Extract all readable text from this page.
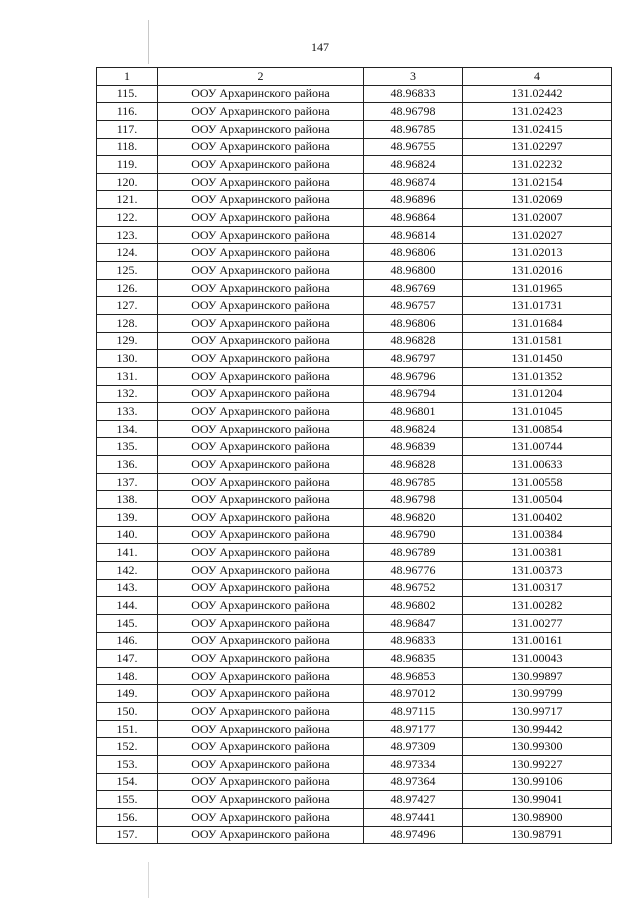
147
1	2	3	4
115.	ООУ Архаринского района	48.96833	131.02442
116.	ООУ Архаринского района	48.96798	131.02423
117.	ООУ Архаринского района	48.96785	131.02415
118.	ООУ Архаринского района	48.96755	131.02297
119.	ООУ Архаринского района	48.96824	131.02232
120.	ООУ Архаринского района	48.96874	131.02154
121.	ООУ Архаринского района	48.96896	131.02069
122.	ООУ Архаринского района	48.96864	131.02007
123.	ООУ Архаринского района	48.96814	131.02027
124.	ООУ Архаринского района	48.96806	131.02013
125.	ООУ Архаринского района	48.96800	131.02016
126.	ООУ Архаринского района	48.96769	131.01965
127.	ООУ Архаринского района	48.96757	131.01731
128.	ООУ Архаринского района	48.96806	131.01684
129.	ООУ Архаринского района	48.96828	131.01581
130.	ООУ Архаринского района	48.96797	131.01450
131.	ООУ Архаринского района	48.96796	131.01352
132.	ООУ Архаринского района	48.96794	131.01204
133.	ООУ Архаринского района	48.96801	131.01045
134.	ООУ Архаринского района	48.96824	131.00854
135.	ООУ Архаринского района	48.96839	131.00744
136.	ООУ Архаринского района	48.96828	131.00633
137.	ООУ Архаринского района	48.96785	131.00558
138.	ООУ Архаринского района	48.96798	131.00504
139.	ООУ Архаринского района	48.96820	131.00402
140.	ООУ Архаринского района	48.96790	131.00384
141.	ООУ Архаринского района	48.96789	131.00381
142.	ООУ Архаринского района	48.96776	131.00373
143.	ООУ Архаринского района	48.96752	131.00317
144.	ООУ Архаринского района	48.96802	131.00282
145.	ООУ Архаринского района	48.96847	131.00277
146.	ООУ Архаринского района	48.96833	131.00161
147.	ООУ Архаринского района	48.96835	131.00043
148.	ООУ Архаринского района	48.96853	130.99897
149.	ООУ Архаринского района	48.97012	130.99799
150.	ООУ Архаринского района	48.97115	130.99717
151.	ООУ Архаринского района	48.97177	130.99442
152.	ООУ Архаринского района	48.97309	130.99300
153.	ООУ Архаринского района	48.97334	130.99227
154.	ООУ Архаринского района	48.97364	130.99106
155.	ООУ Архаринского района	48.97427	130.99041
156.	ООУ Архаринского района	48.97441	130.98900
157.	ООУ Архаринского района	48.97496	130.98791
